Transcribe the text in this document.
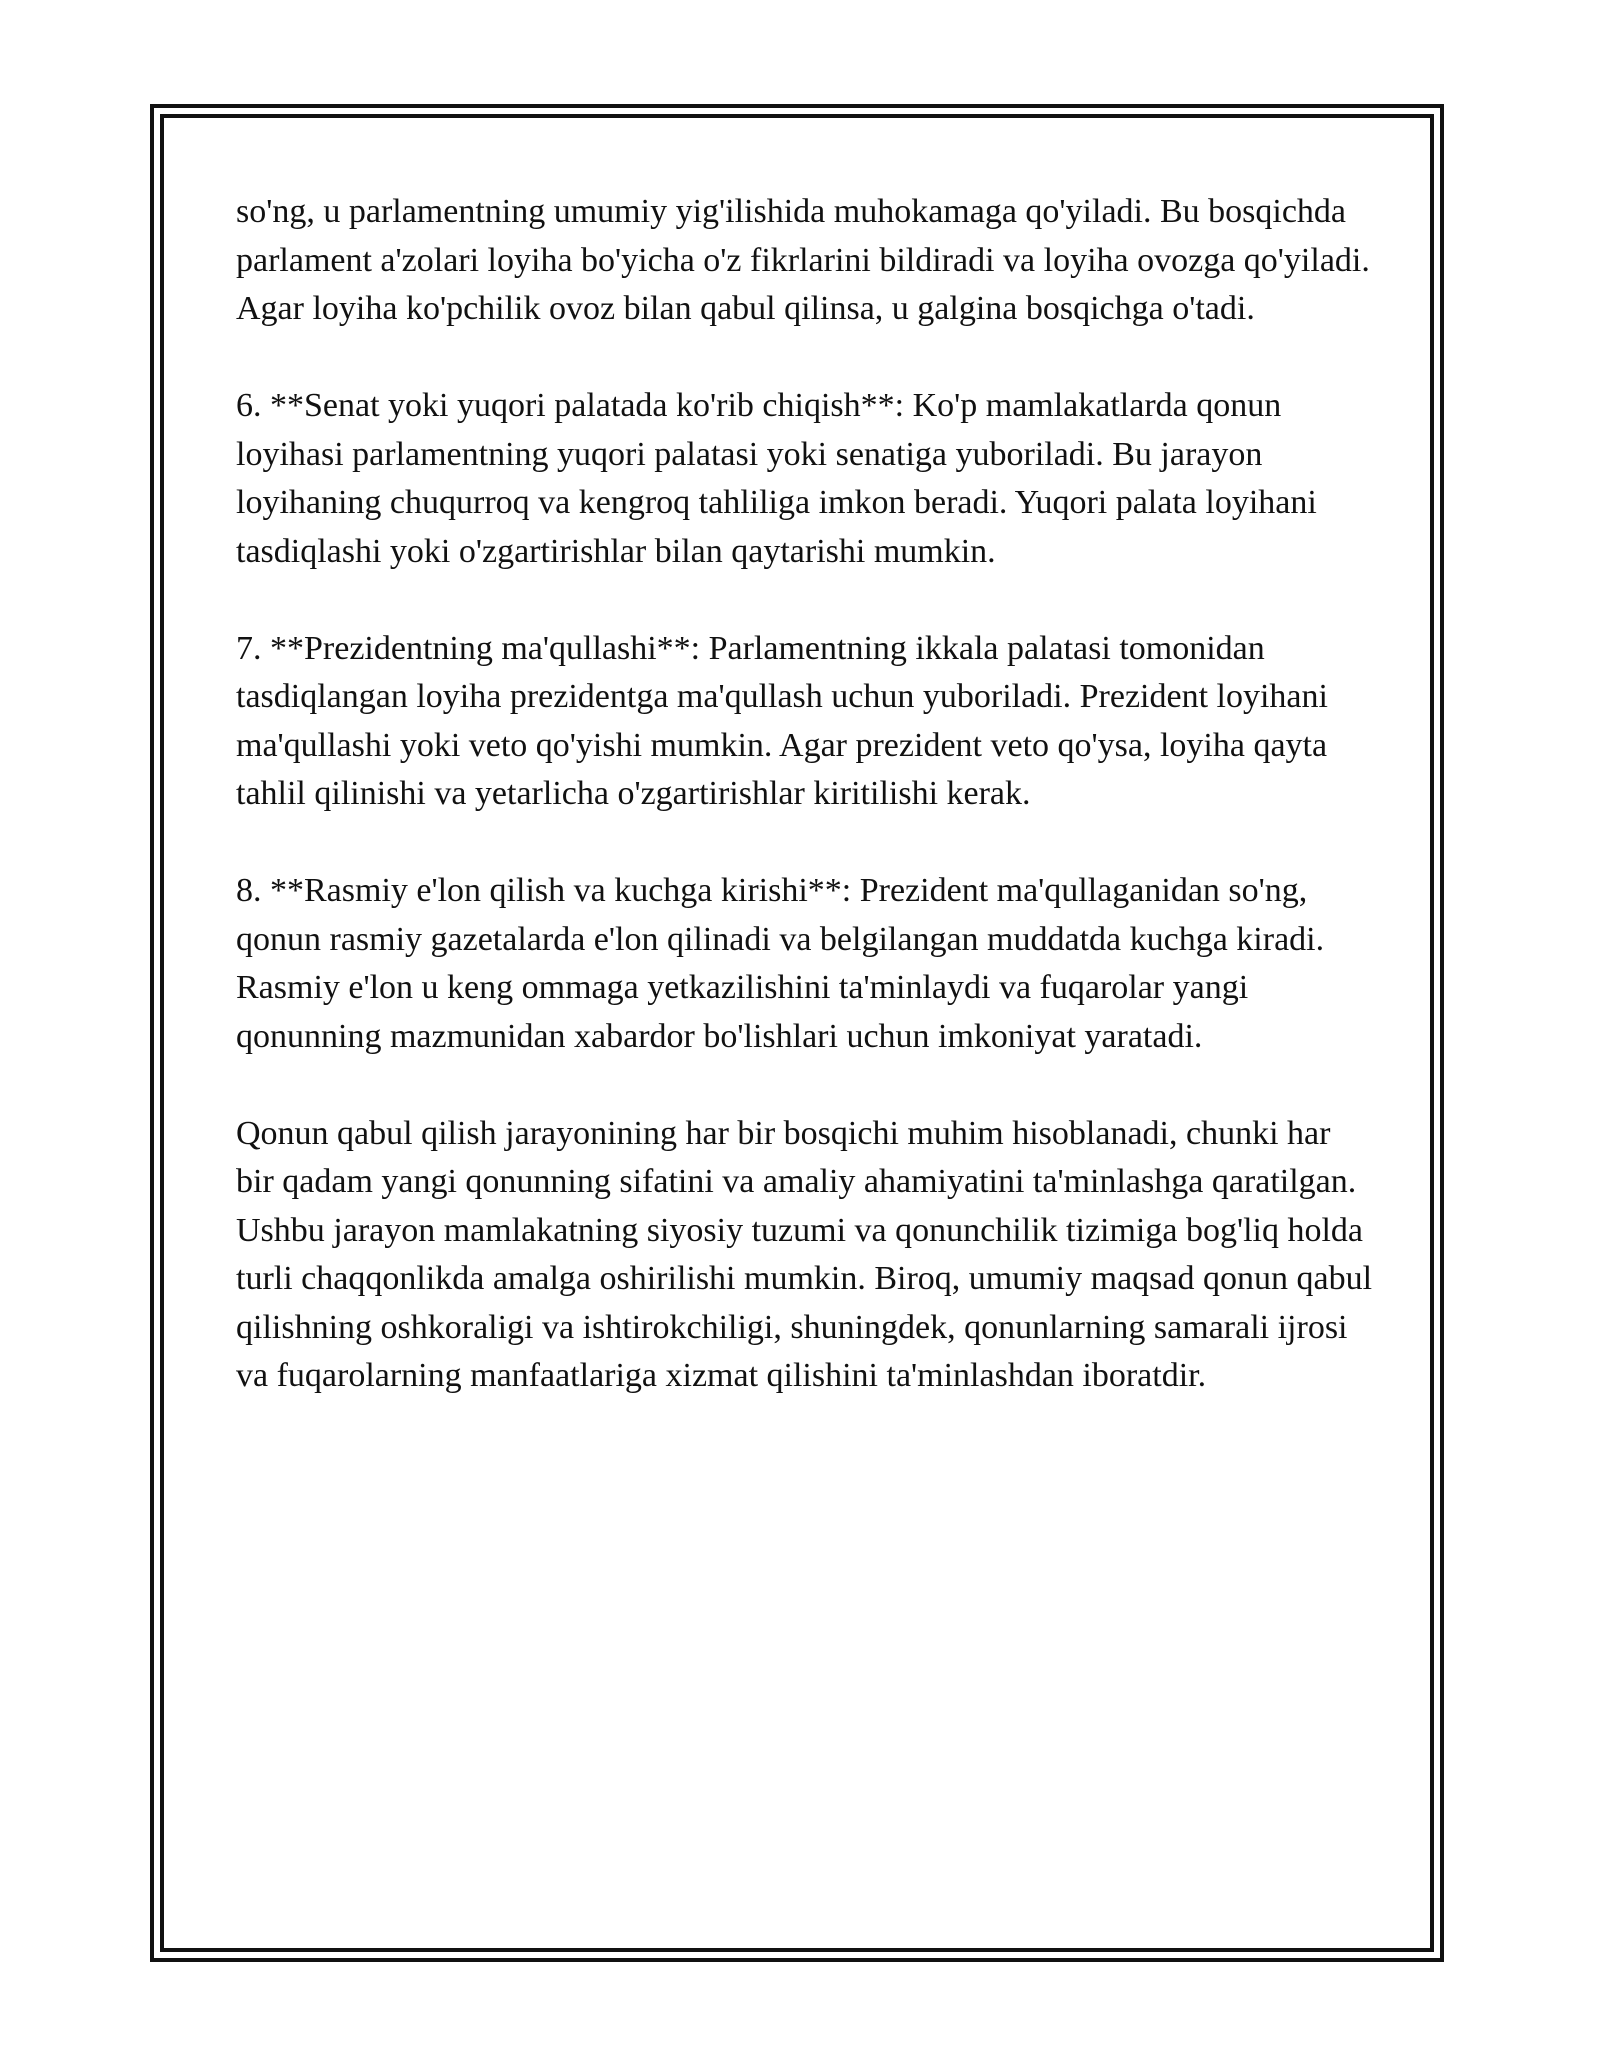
so'ng, u parlamentning umumiy yig'ilishida muhokamaga qo'yiladi. Bu bosqichda parlament a'zolari loyiha bo'yicha o'z fikrlarini bildiradi va loyiha ovozga qo'yiladi. Agar loyiha ko'pchilik ovoz bilan qabul qilinsa, u galgina bosqichga o'tadi.

6. **Senat yoki yuqori palatada ko'rib chiqish**: Ko'p mamlakatlarda qonun loyihasi parlamentning yuqori palatasi yoki senatiga yuboriladi. Bu jarayon loyihaning chuqurroq va kengroq tahliliga imkon beradi. Yuqori palata loyihani tasdiqlashi yoki o'zgartirishlar bilan qaytarishi mumkin.

7. **Prezidentning ma'qullashi**: Parlamentning ikkala palatasi tomonidan tasdiqlangan loyiha prezidentga ma'qullash uchun yuboriladi. Prezident loyihani ma'qullashi yoki veto qo'yishi mumkin. Agar prezident veto qo'ysa, loyiha qayta tahlil qilinishi va yetarlicha o'zgartirishlar kiritilishi kerak.

8. **Rasmiy e'lon qilish va kuchga kirishi**: Prezident ma'qullaganidan so'ng, qonun rasmiy gazetalarda e'lon qilinadi va belgilangan muddatda kuchga kiradi. Rasmiy e'lon u keng ommaga yetkazilishini ta'minlaydi va fuqarolar yangi qonunning mazmunidan xabardor bo'lishlari uchun imkoniyat yaratadi.

Qonun qabul qilish jarayonining har bir bosqichi muhim hisoblanadi, chunki har bir qadam yangi qonunning sifatini va amaliy ahamiyatini ta'minlashga qaratilgan. Ushbu jarayon mamlakatning siyosiy tuzumi va qonunchilik tizimiga bog'liq holda turli chaqqonlikda amalga oshirilishi mumkin. Biroq, umumiy maqsad qonun qabul qilishning oshkoraligi va ishtirokchiligi, shuningdek, qonunlarning samarali ijrosi va fuqarolarning manfaatlariga xizmat qilishini ta'minlashdan iboratdir.
